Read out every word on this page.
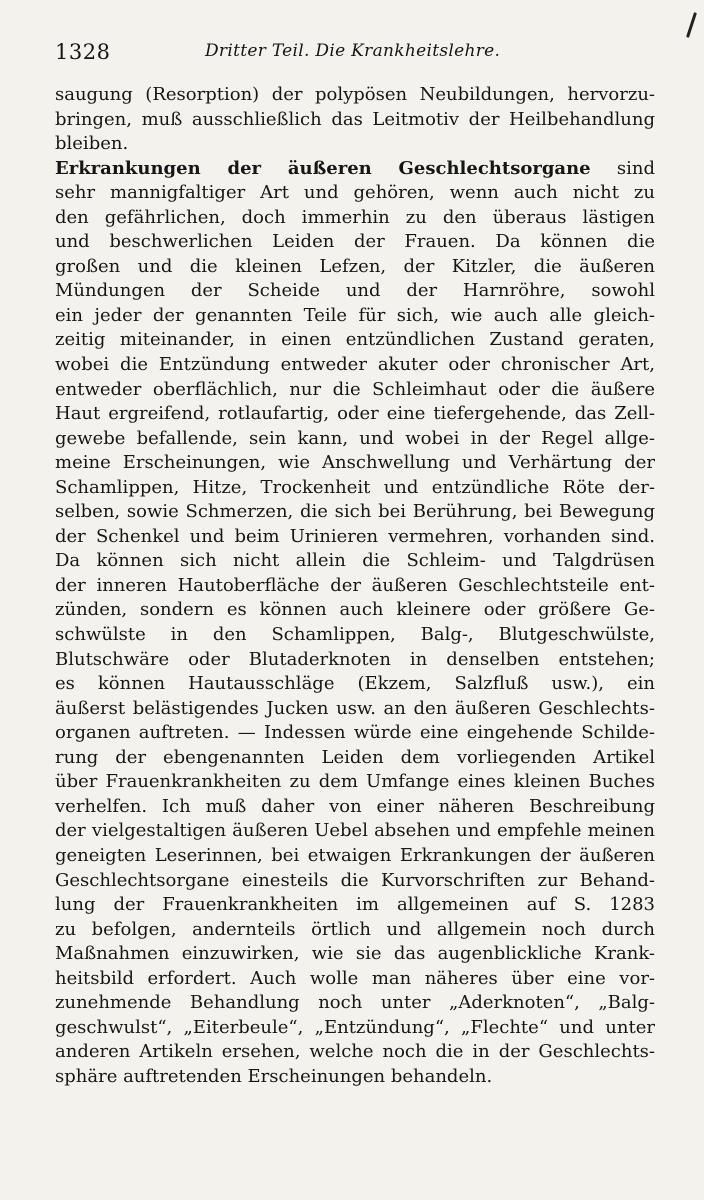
1328	Dritter Teil. Die Krankheitslehre.
saugung (Resorption) der polypösen Neubildungen, hervorzu-
bringen, muß ausschließlich das Leitmotiv der Heilbehandlung
bleiben.
Erkrankungen der äußeren Geschlechtsorgane sind
sehr mannigfaltiger Art und gehören, wenn auch nicht zu
den gefährlichen, doch immerhin zu den überaus lästigen
und beschwerlichen Leiden der Frauen. Da können die
großen und die kleinen Lefzen, der Kitzler, die äußeren
Mündungen der Scheide und der Harnröhre, sowohl
ein jeder der genannten Teile für sich, wie auch alle gleich-
zeitig miteinander, in einen entzündlichen Zustand geraten,
wobei die Entzündung entweder akuter oder chronischer Art,
entweder oberflächlich, nur die Schleimhaut oder die äußere
Haut ergreifend, rotlaufartig, oder eine tiefergehende, das Zell-
gewebe befallende, sein kann, und wobei in der Regel allge-
meine Erscheinungen, wie Anschwellung und Verhärtung der
Schamlippen, Hitze, Trockenheit und entzündliche Röte der-
selben, sowie Schmerzen, die sich bei Berührung, bei Bewegung
der Schenkel und beim Urinieren vermehren, vorhanden sind.
Da können sich nicht allein die Schleim- und Talgdrüsen
der inneren Hautoberfläche der äußeren Geschlechtsteile ent-
zünden, sondern es können auch kleinere oder größere Ge-
schwülste in den Schamlippen, Balg-, Blutgeschwülste,
Blutschwäre oder Blutaderknoten in denselben entstehen;
es können Hautausschläge (Ekzem, Salzfluß usw.), ein
äußerst belästigendes Jucken usw. an den äußeren Geschlechts-
organen auftreten. — Indessen würde eine eingehende Schilde-
rung der ebengenannten Leiden dem vorliegenden Artikel
über Frauenkrankheiten zu dem Umfange eines kleinen Buches
verhelfen. Ich muß daher von einer näheren Beschreibung
der vielgestaltigen äußeren Uebel absehen und empfehle meinen
geneigten Leserinnen, bei etwaigen Erkrankungen der äußeren
Geschlechtsorgane einesteils die Kurvorschriften zur Behand-
lung der Frauenkrankheiten im allgemeinen auf S. 1283
zu befolgen, andernteils örtlich und allgemein noch durch
Maßnahmen einzuwirken, wie sie das augenblickliche Krank-
heitsbild erfordert. Auch wolle man näheres über eine vor-
zunehmende Behandlung noch unter „Aderknoten“, „Balg-
geschwulst“, „Eiterbeule“, „Entzündung“, „Flechte“ und unter
anderen Artikeln ersehen, welche noch die in der Geschlechts-
sphäre auftretenden Erscheinungen behandeln.
